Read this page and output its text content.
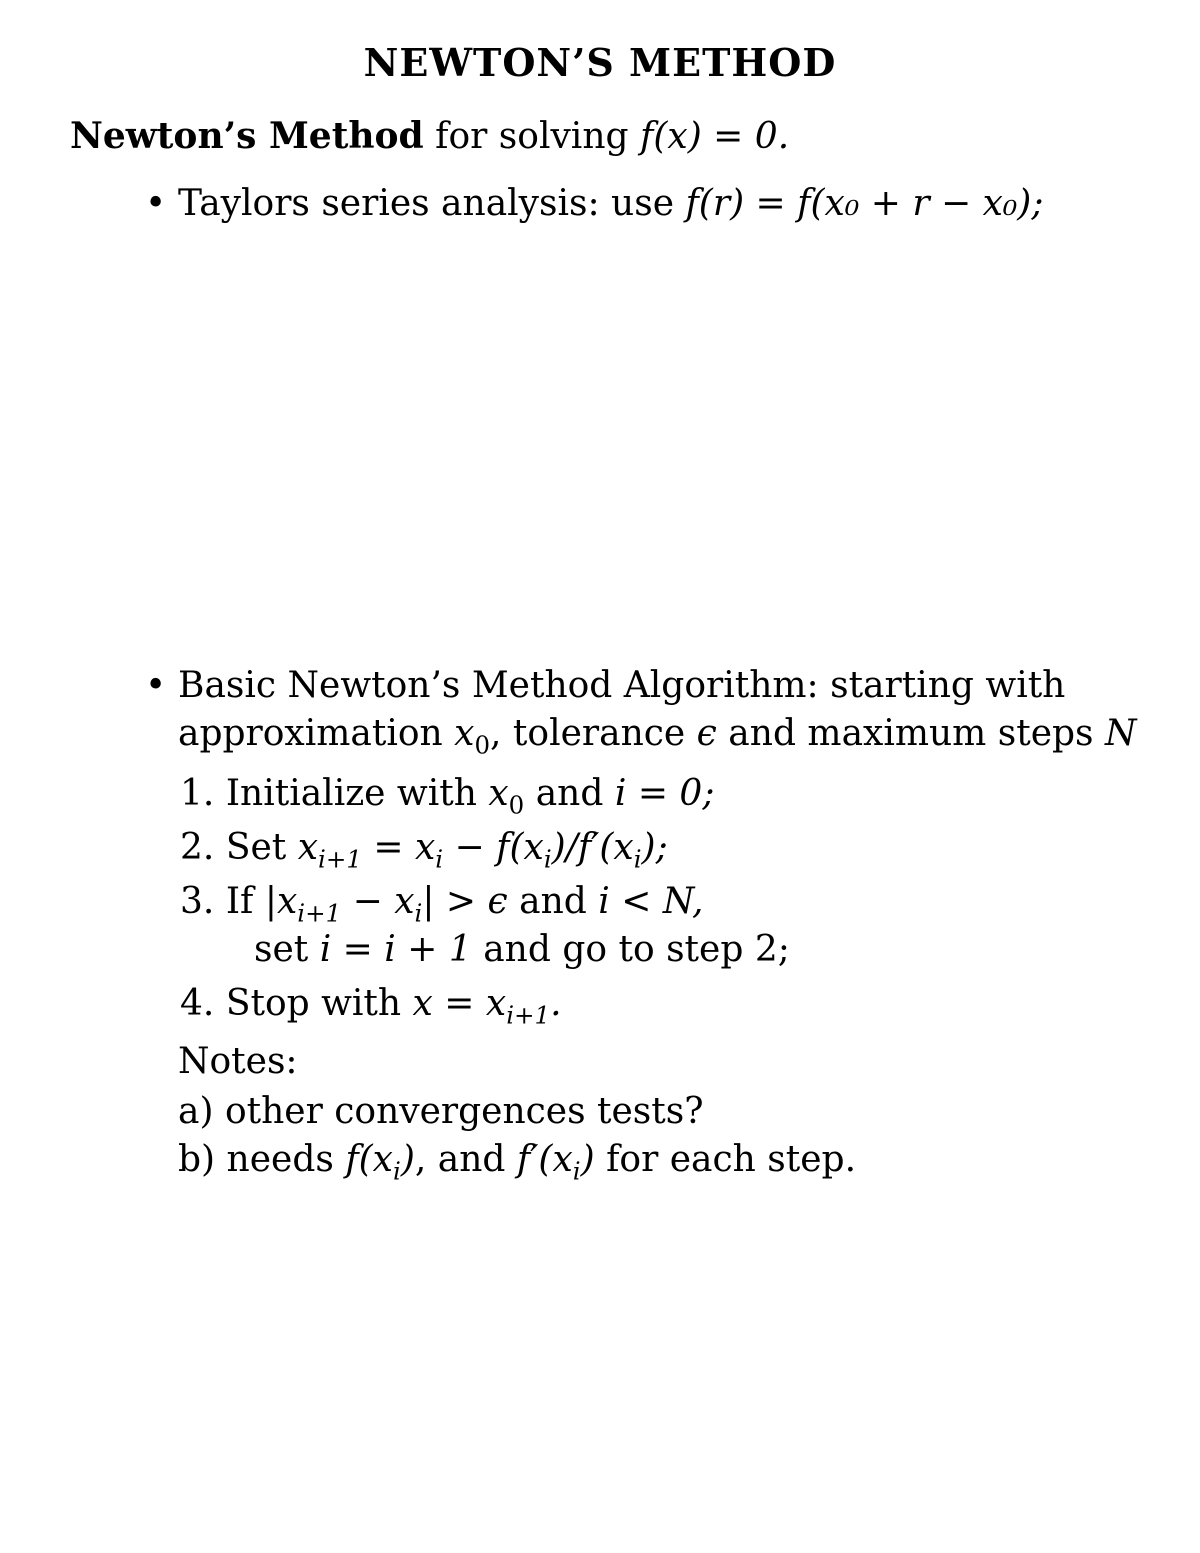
NEWTON’S METHOD
Newton’s Method for solving f(x) = 0.
• Taylors series analysis: use f(r) = f(x₀ + r − x₀);
• Basic Newton’s Method Algorithm: starting with
approximation $x_0$, tolerance ϵ and maximum steps N
1. Initialize with $x_0$ and i = 0;
2. Set $x_{i+1} = x_i - f(x_i)/f'(x_i)$;
3. If $|x_{i+1} - x_i| > \epsilon$ and i < N,
set i = i + 1 and go to step 2;
4. Stop with $x = x_{i+1}$.
Notes:
a) other convergences tests?
b) needs $f(x_i)$, and $f'(x_i)$ for each step.
